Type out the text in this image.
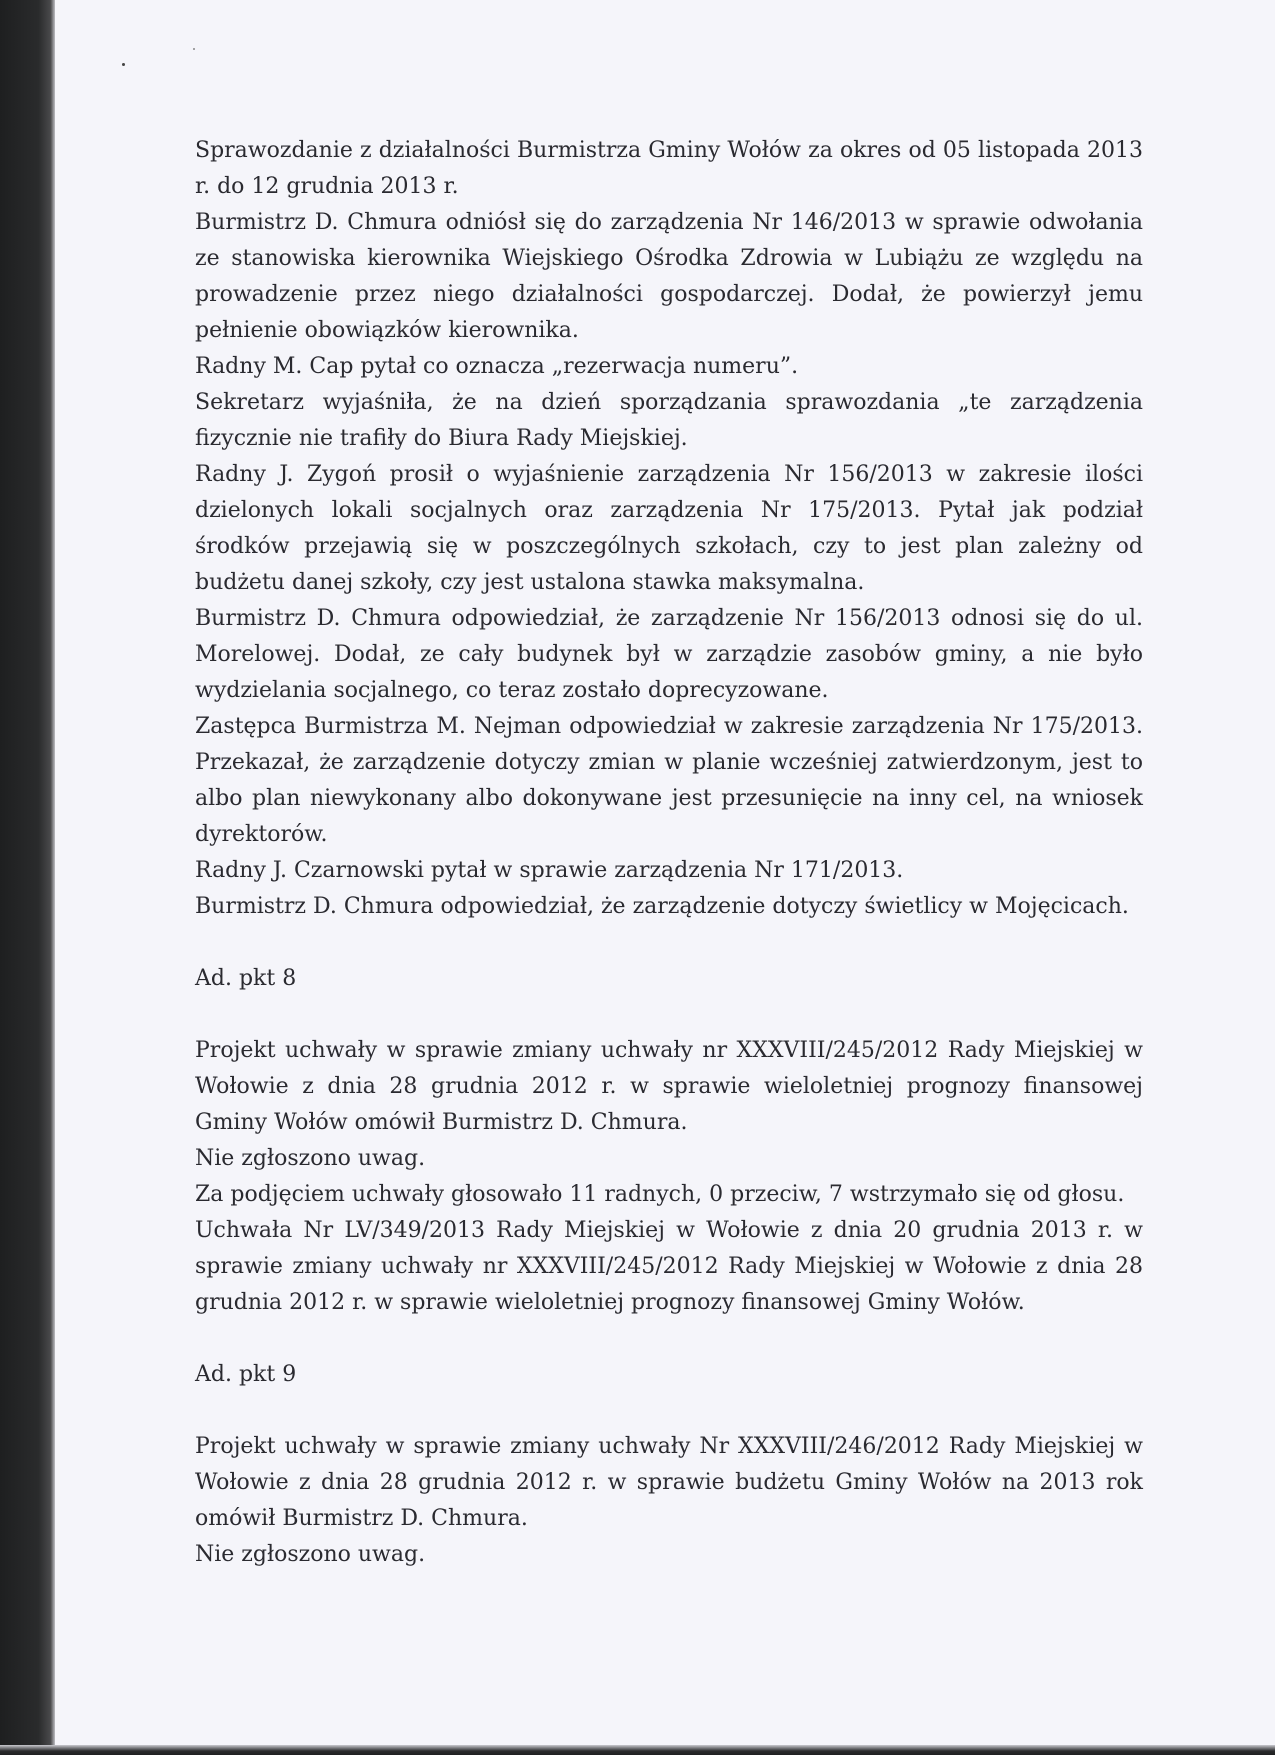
Sprawozdanie z działalności Burmistrza Gminy Wołów za okres od 05 listopada 2013 r. do 12 grudnia 2013 r.

Burmistrz D. Chmura odniósł się do zarządzenia Nr 146/2013 w sprawie odwołania ze stanowiska kierownika Wiejskiego Ośrodka Zdrowia w Lubiążu ze względu na prowadzenie przez niego działalności gospodarczej. Dodał, że powierzył jemu pełnienie obowiązków kierownika.

Radny M. Cap pytał co oznacza „rezerwacja numeru”.

Sekretarz wyjaśniła, że na dzień sporządzania sprawozdania „te zarządzenia fizycznie nie trafiły do Biura Rady Miejskiej.

Radny J. Zygoń prosił o wyjaśnienie zarządzenia Nr 156/2013 w zakresie ilości dzielonych lokali socjalnych oraz zarządzenia Nr 175/2013. Pytał jak podział środków przejawią się w poszczególnych szkołach, czy to jest plan zależny od budżetu danej szkoły, czy jest ustalona stawka maksymalna.

Burmistrz D. Chmura odpowiedział, że zarządzenie Nr 156/2013 odnosi się do ul. Morelowej. Dodał, ze cały budynek był w zarządzie zasobów gminy, a nie było wydzielania socjalnego, co teraz zostało doprecyzowane.

Zastępca Burmistrza M. Nejman odpowiedział w zakresie zarządzenia Nr 175/2013. Przekazał, że zarządzenie dotyczy zmian w planie wcześniej zatwierdzonym, jest to albo plan niewykonany albo dokonywane jest przesunięcie na inny cel, na wniosek dyrektorów.

Radny J. Czarnowski pytał w sprawie zarządzenia Nr 171/2013.

Burmistrz D. Chmura odpowiedział, że zarządzenie dotyczy świetlicy w Mojęcicach.

Ad. pkt 8

Projekt uchwały w sprawie zmiany uchwały nr XXXVIII/245/2012 Rady Miejskiej w Wołowie z dnia 28 grudnia 2012 r. w sprawie wieloletniej prognozy finansowej Gminy Wołów omówił Burmistrz D. Chmura.

Nie zgłoszono uwag.

Za podjęciem uchwały głosowało 11 radnych, 0 przeciw, 7 wstrzymało się od głosu.

Uchwała Nr LV/349/2013 Rady Miejskiej w Wołowie z dnia 20 grudnia 2013 r. w sprawie zmiany uchwały nr XXXVIII/245/2012 Rady Miejskiej w Wołowie z dnia 28 grudnia 2012 r. w sprawie wieloletniej prognozy finansowej Gminy Wołów.

Ad. pkt 9

Projekt uchwały w sprawie zmiany uchwały Nr XXXVIII/246/2012 Rady Miejskiej w Wołowie z dnia 28 grudnia 2012 r. w sprawie budżetu Gminy Wołów na 2013 rok omówił Burmistrz D. Chmura.

Nie zgłoszono uwag.
